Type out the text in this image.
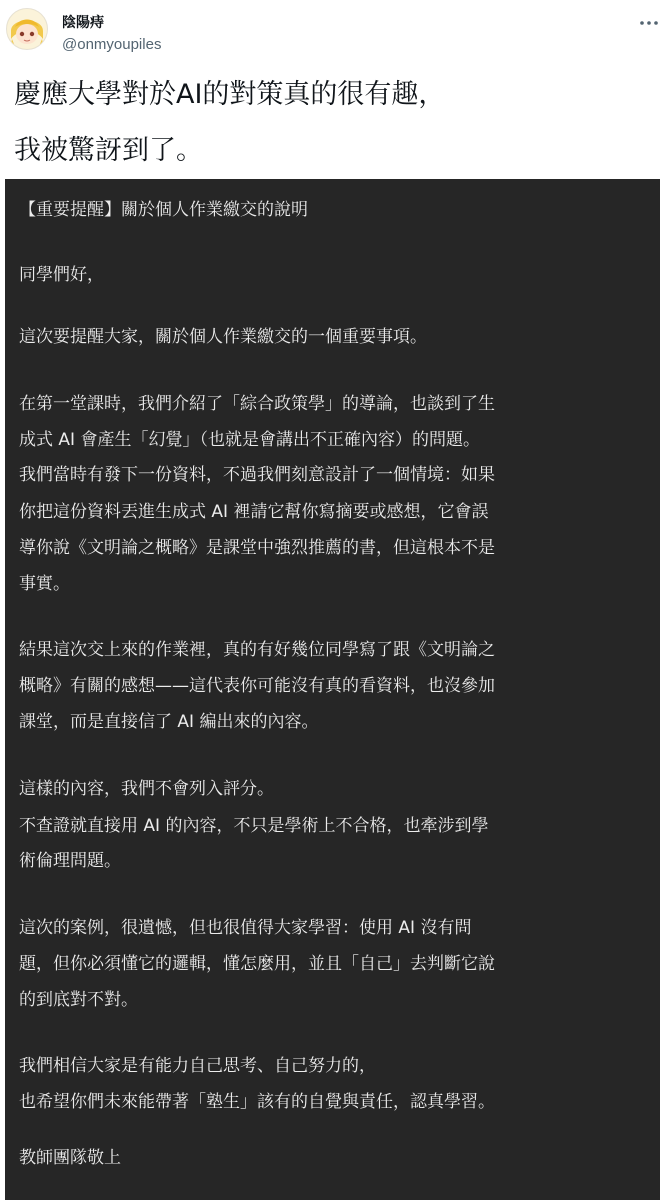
陰陽痔
@onmyoupiles
慶應大學對於AI的對策真的很有趣，
我被驚訝到了。
【重要提醒】關於個人作業繳交的說明
同學們好，
這次要提醒大家，關於個人作業繳交的一個重要事項。
在第一堂課時，我們介紹了「綜合政策學」的導論，也談到了生
成式 AI 會產生「幻覺」（也就是會講出不正確內容）的問題。
我們當時有發下一份資料，不過我們刻意設計了一個情境：如果
你把這份資料丟進生成式 AI 裡請它幫你寫摘要或感想，它會誤
導你說《文明論之概略》是課堂中強烈推薦的書，但這根本不是
事實。
結果這次交上來的作業裡，真的有好幾位同學寫了跟《文明論之
概略》有關的感想——這代表你可能沒有真的看資料，也沒參加
課堂，而是直接信了 AI 編出來的內容。
這樣的內容，我們不會列入評分。
不查證就直接用 AI 的內容，不只是學術上不合格，也牽涉到學
術倫理問題。
這次的案例，很遺憾，但也很值得大家學習：使用 AI 沒有問
題，但你必須懂它的邏輯，懂怎麼用，並且「自己」去判斷它說
的到底對不對。
我們相信大家是有能力自己思考、自己努力的，
也希望你們未來能帶著「塾生」該有的自覺與責任，認真學習。
教師團隊敬上
